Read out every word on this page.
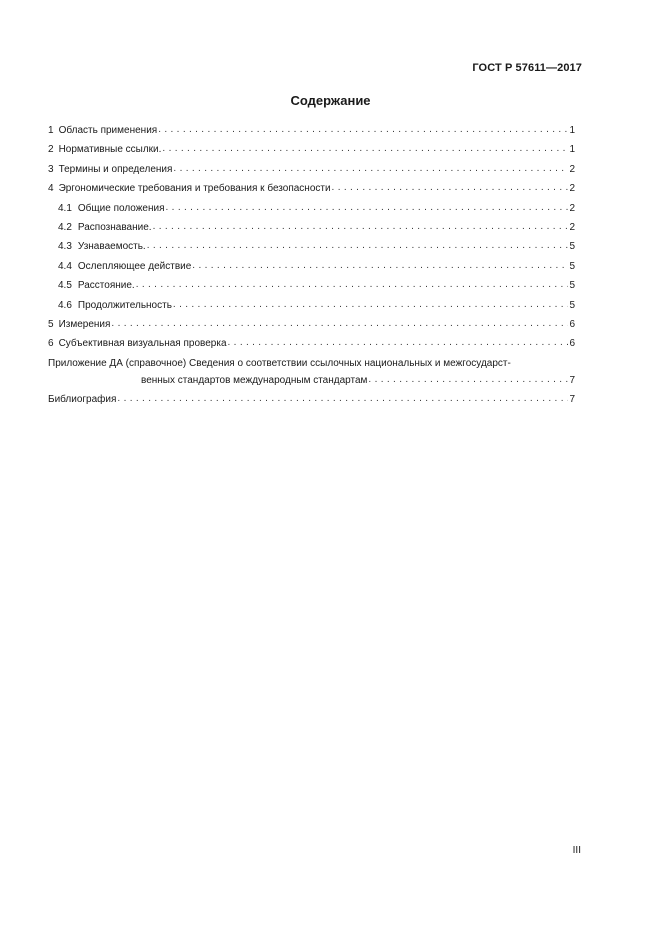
ГОСТ Р 57611—2017
Содержание
1 Область применения . . .	1
2 Нормативные ссылки. . . .	1
3 Термины и определения . . .	2
4 Эргономические требования и требования к безопасности . . .	2
4.1 Общие положения . . .	2
4.2 Распознавание. . . .	2
4.3 Узнаваемость. . . .	5
4.4 Ослепляющее действие . . .	5
4.5 Расстояние. . . .	5
4.6 Продолжительность . . .	5
5 Измерения . . .	6
6 Субъективная визуальная проверка . . .	6
Приложение ДА (справочное) Сведения о соответствии ссылочных национальных и межгосударст-
венных стандартов международным стандартам . . .	7
Библиография . . .	7
III
